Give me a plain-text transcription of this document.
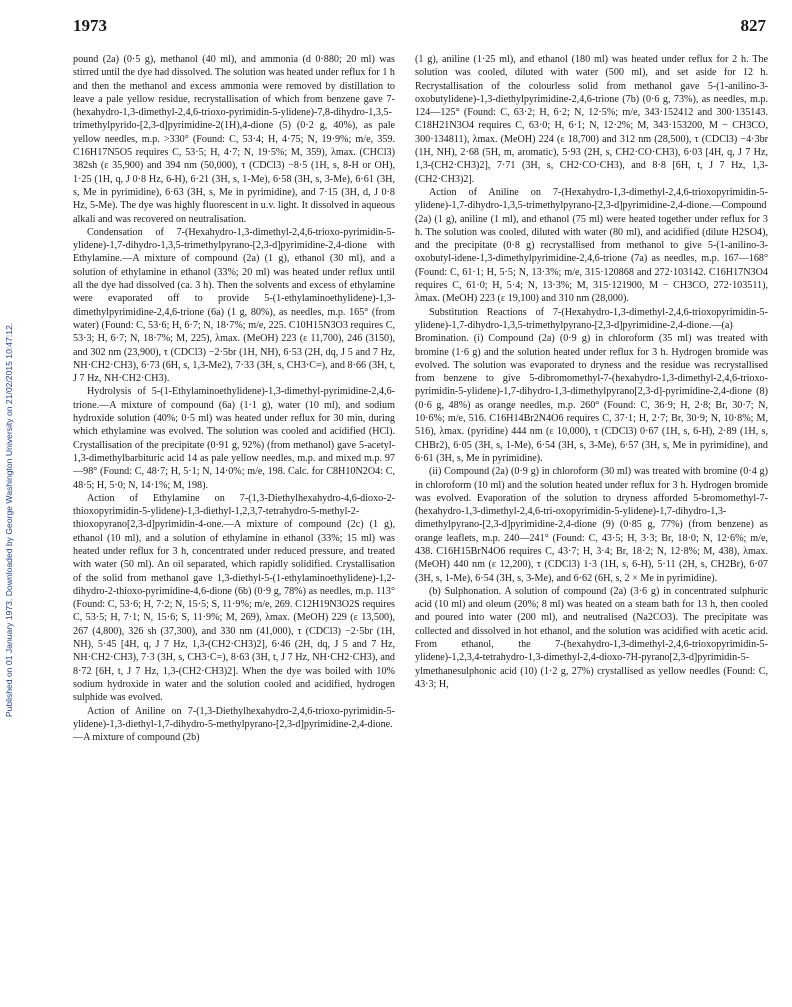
1973	827
Published on 01 January 1973. Downloaded by George Washington University on 21/02/2015 10:47:12.

pound (2a) (0·5 g), methanol (40 ml), and ammonia (d 0·880; 20 ml) was stirred until the dye had dissolved. The solution was heated under reflux for 1 h and then the methanol and excess ammonia were removed by distillation to leave a pale yellow residue, recrystallisation of which from benzene gave 7-(hexahydro-1,3-dimethyl-2,4,6-trioxo-pyrimidin-5-ylidene)-7,8-dihydro-1,3,5-trimethylpyrido-[2,3-d]pyrimidine-2(1H),4-dione (5) (0·2 g, 40%), as pale yellow needles, m.p. >330° (Found: C, 53·4; H, 4·75; N, 19·9%; m/e, 359. C16H17N5O5 requires C, 53·5; H, 4·7; N, 19·5%; M, 359), λmax. (CHCl3) 382sh (ε 35,900) and 394 nm (50,000), τ (CDCl3) −8·5 (1H, s, 8-H or OH), 1·25 (1H, q, J 0·8 Hz, 6-H), 6·21 (3H, s, 1-Me), 6·58 (3H, s, 3-Me), 6·61 (3H, s, Me in pyrimidine), 6·63 (3H, s, Me in pyrimidine), and 7·15 (3H, d, J 0·8 Hz, 5-Me). The dye was highly fluorescent in u.v. light. It dissolved in aqueous alkali and was recovered on neutralisation.

Condensation of 7-(Hexahydro-1,3-dimethyl-2,4,6-trioxo-pyrimidin-5-ylidene)-1,7-dihydro-1,3,5-trimethylpyrano-[2,3-d]pyrimidine-2,4-dione with Ethylamine.—A mixture of compound (2a) (1 g), ethanol (30 ml), and a solution of ethylamine in ethanol (33%; 20 ml) was heated under reflux until all the dye had dissolved (ca. 3 h). Then the solvents and excess of ethylamine were evaporated off to provide 5-(1-ethylaminoethylidene)-1,3-dimethylpyrimidine-2,4,6-trione (6a) (1 g, 80%), as needles, m.p. 165° (from water) (Found: C, 53·6; H, 6·7; N, 18·7%; m/e, 225. C10H15N3O3 requires C, 53·3; H, 6·7; N, 18·7%; M, 225), λmax. (MeOH) 223 (ε 11,700), 246 (3150), and 302 nm (23,900), τ (CDCl3) −2·5br (1H, NH), 6·53 (2H, dq, J 5 and 7 Hz, NH·CH2·CH3), 6·73 (6H, s, 1,3-Me2), 7·33 (3H, s, CH3·C=), and 8·66 (3H, t, J 7 Hz, NH·CH2·CH3).

Hydrolysis of 5-(1-Ethylaminoethylidene)-1,3-dimethyl-pyrimidine-2,4,6-trione.—A mixture of compound (6a) (1·1 g), water (10 ml), and sodium hydroxide solution (40%; 0·5 ml) was heated under reflux for 30 min, during which ethylamine was evolved. The solution was cooled and acidified (HCl). Crystallisation of the precipitate (0·91 g, 92%) (from methanol) gave 5-acetyl-1,3-dimethylbarbituric acid 14 as pale yellow needles, m.p. and mixed m.p. 97—98° (Found: C, 48·7; H, 5·1; N, 14·0%; m/e, 198. Calc. for C8H10N2O4: C, 48·5; H, 5·0; N, 14·1%; M, 198).

Action of Ethylamine on 7-(1,3-Diethylhexahydro-4,6-dioxo-2-thioxopyrimidin-5-ylidene)-1,3-diethyl-1,2,3,7-tetrahydro-5-methyl-2-thioxopyrano[2,3-d]pyrimidin-4-one.—A mixture of compound (2c) (1 g), ethanol (10 ml), and a solution of ethylamine in ethanol (33%; 15 ml) was heated under reflux for 3 h, concentrated under reduced pressure, and treated with water (50 ml). An oil separated, which rapidly solidified. Crystallisation of the solid from methanol gave 1,3-diethyl-5-(1-ethylaminoethylidene)-1,2-dihydro-2-thioxo-pyrimidine-4,6-dione (6b) (0·9 g, 78%) as needles, m.p. 113° (Found: C, 53·6; H, 7·2; N, 15·5; S, 11·9%; m/e, 269. C12H19N3O2S requires C, 53·5; H, 7·1; N, 15·6; S, 11·9%; M, 269), λmax. (MeOH) 229 (ε 13,500), 267 (4,800), 326 sh (37,300), and 330 nm (41,000), τ (CDCl3) −2·5br (1H, NH), 5·45 [4H, q, J 7 Hz, 1,3-(CH2·CH3)2], 6·46 (2H, dq, J 5 and 7 Hz, NH·CH2·CH3), 7·3 (3H, s, CH3·C=), 8·63 (3H, t, J 7 Hz, NH·CH2·CH3), and 8·72 [6H, t, J 7 Hz, 1,3-(CH2·CH3)2]. When the dye was boiled with 10% sodium hydroxide in water and the solution cooled and acidified, hydrogen sulphide was evolved.

Action of Aniline on 7-(1,3-Diethylhexahydro-2,4,6-trioxo-pyrimidin-5-ylidene)-1,3-diethyl-1,7-dihydro-5-methylpyrano-[2,3-d]pyrimidine-2,4-dione.—A mixture of compound (2b)

(1 g), aniline (1·25 ml), and ethanol (180 ml) was heated under reflux for 2 h. The solution was cooled, diluted with water (500 ml), and set aside for 12 h. Recrystallisation of the colourless solid from methanol gave 5-(1-anilino-3-oxobutylidene)-1,3-diethylpyrimidine-2,4,6-trione (7b) (0·6 g, 73%), as needles, m.p. 124—125° (Found: C, 63·2; H, 6·2; N, 12·5%; m/e, 343·152412 and 300·135143. C18H21N3O4 requires C, 63·0; H, 6·1; N, 12·2%; M, 343·153200, M − CH3CO, 300·134811), λmax. (MeOH) 224 (ε 18,700) and 312 nm (28,500), τ (CDCl3) −4·3br (1H, NH), 2·68 (5H, m, aromatic), 5·93 (2H, s, CH2·CO·CH3), 6·03 [4H, q, J 7 Hz, 1,3-(CH2·CH3)2], 7·71 (3H, s, CH2·CO·CH3), and 8·8 [6H, t, J 7 Hz, 1,3-(CH2·CH3)2].

Action of Aniline on 7-(Hexahydro-1,3-dimethyl-2,4,6-trioxopyrimidin-5-ylidene)-1,7-dihydro-1,3,5-trimethylpyrano-[2,3-d]pyrimidine-2,4-dione.—Compound (2a) (1 g), aniline (1 ml), and ethanol (75 ml) were heated together under reflux for 3 h. The solution was cooled, diluted with water (80 ml), and acidified (dilute H2SO4), and the precipitate (0·8 g) recrystallised from methanol to give 5-(1-anilino-3-oxobutyl-idene-1,3-dimethylpyrimidine-2,4,6-trione (7a) as needles, m.p. 167—168° (Found: C, 61·1; H, 5·5; N, 13·3%; m/e, 315·120868 and 272·103142. C16H17N3O4 requires C, 61·0; H, 5·4; N, 13·3%; M, 315·121900, M − CH3CO, 272·103511), λmax. (MeOH) 223 (ε 19,100) and 310 nm (28,000).

Substitution Reactions of 7-(Hexahydro-1,3-dimethyl-2,4,6-trioxopyrimidin-5-ylidene)-1,7-dihydro-1,3,5-trimethylpyrano-[2,3-d]pyrimidine-2,4-dione.—(a) Bromination. (i) Compound (2a) (0·9 g) in chloroform (35 ml) was treated with bromine (1·6 g) and the solution heated under reflux for 3 h. Hydrogen bromide was evolved. The solution was evaporated to dryness and the residue was recrystallised from benzene to give 5-dibromomethyl-7-(hexahydro-1,3-dimethyl-2,4,6-trioxo-pyrimidin-5-ylidene)-1,7-dihydro-1,3-dimethylpyrano[2,3-d]-pyrimidine-2,4-dione (8) (0·6 g, 48%) as orange needles, m.p. 260° (Found: C, 36·9; H, 2·8; Br, 30·7; N, 10·6%; m/e, 516. C16H14Br2N4O6 requires C, 37·1; H, 2·7; Br, 30·9; N, 10·8%; M, 516), λmax. (pyridine) 444 nm (ε 10,000), τ (CDCl3) 0·67 (1H, s, 6-H), 2·89 (1H, s, CHBr2), 6·05 (3H, s, 1-Me), 6·54 (3H, s, 3-Me), 6·57 (3H, s, Me in pyrimidine), and 6·61 (3H, s, Me in pyrimidine).

(ii) Compound (2a) (0·9 g) in chloroform (30 ml) was treated with bromine (0·4 g) in chloroform (10 ml) and the solution heated under reflux for 3 h. Hydrogen bromide was evolved. Evaporation of the solution to dryness afforded 5-bromomethyl-7-(hexahydro-1,3-dimethyl-2,4,6-tri-oxopyrimidin-5-ylidene)-1,7-dihydro-1,3-dimethylpyrano-[2,3-d]pyrimidine-2,4-dione (9) (0·85 g, 77%) (from benzene) as orange leaflets, m.p. 240—241° (Found: C, 43·5; H, 3·3; Br, 18·0; N, 12·6%; m/e, 438. C16H15BrN4O6 requires C, 43·7; H, 3·4; Br, 18·2; N, 12·8%; M, 438), λmax. (MeOH) 440 nm (ε 12,200), τ (CDCl3) 1·3 (1H, s, 6-H), 5·11 (2H, s, CH2Br), 6·07 (3H, s, 1-Me), 6·54 (3H, s, 3-Me), and 6·62 (6H, s, 2 × Me in pyrimidine).

(b) Sulphonation. A solution of compound (2a) (3·6 g) in concentrated sulphuric acid (10 ml) and oleum (20%; 8 ml) was heated on a steam bath for 13 h, then cooled and poured into water (200 ml), and neutralised (Na2CO3). The precipitate was collected and dissolved in hot ethanol, and the solution was acidified with acetic acid. From ethanol, the 7-(hexahydro-1,3-dimethyl-2,4,6-trioxopyrimidin-5-ylidene)-1,2,3,4-tetrahydro-1,3-dimethyl-2,4-dioxo-7H-pyrano[2,3-d]pyrimidin-5-ylmethanesulphonic acid (10) (1·2 g, 27%) crystallised as yellow needles (Found: C, 43·3; H,
